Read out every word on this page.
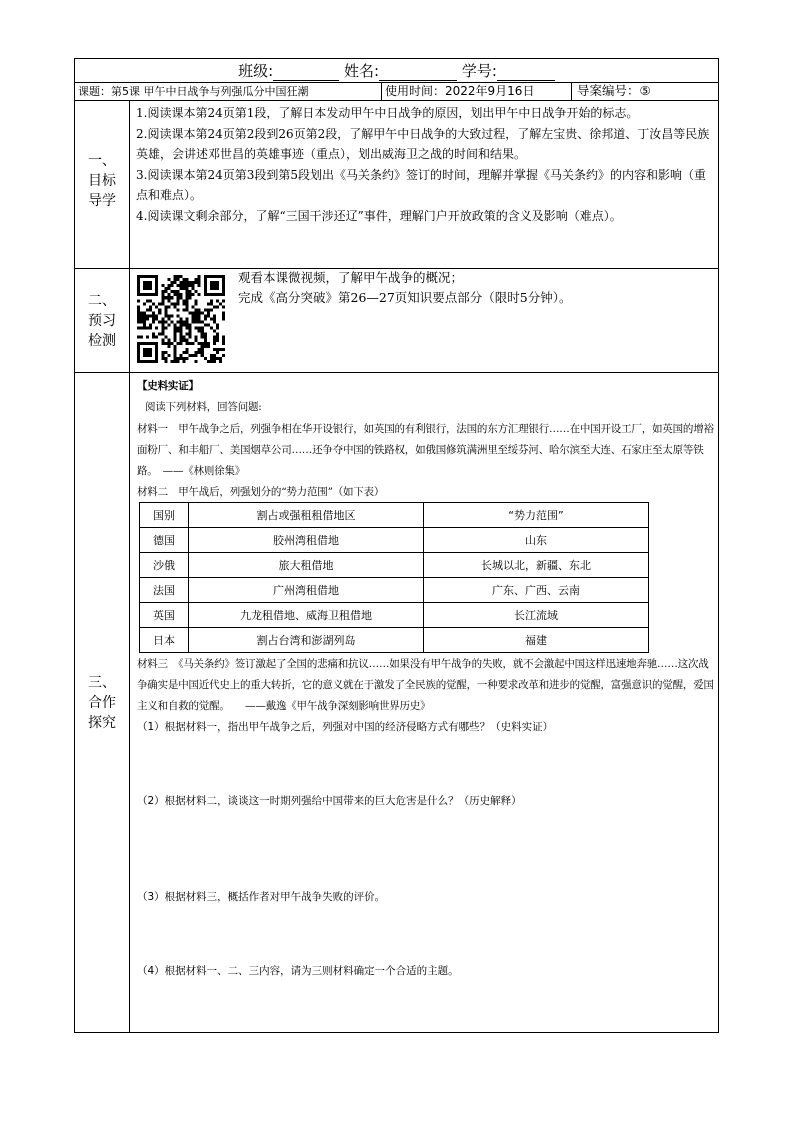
班级:	姓名:	学号:
课题：第5课 甲午中日战争与列强瓜分中国狂潮	使用时间：2022年9月16日	导案编号：⑤
一、
目标
导学
1.阅读课本第24页第1段，了解日本发动甲午中日战争的原因，划出甲午中日战争开始的标志。
2.阅读课本第24页第2段到26页第2段，了解甲午中日战争的大致过程，了解左宝贵、徐邦道、丁汝昌等民族英雄，会讲述邓世昌的英雄事迹（重点），划出威海卫之战的时间和结果。
3.阅读课本第24页第3段到第5段划出《马关条约》签订的时间，理解并掌握《马关条约》的内容和影响（重点和难点）。
4.阅读课文剩余部分，了解“三国干涉还辽”事件，理解门户开放政策的含义及影响（难点）。
二、
预习
检测
观看本课微视频，了解甲午战争的概况；
完成《高分突破》第26—27页知识要点部分（限时5分钟）。
三、
合作
探究
【史料实证】
阅读下列材料，回答问题:
材料一　甲午战争之后，列强争相在华开设银行，如英国的有利银行，法国的东方汇理银行……在中国开设工厂，如英国的增裕面粉厂、和丰船厂、美国烟草公司……还争夺中国的铁路权，如俄国修筑满洲里至绥芬河、哈尔滨至大连、石家庄至太原等铁路。　——《林则徐集》
材料二　甲午战后，列强划分的“势力范围”（如下表）
国别	割占或强租租借地区	“势力范围”
德国	胶州湾租借地	山东
沙俄	旅大租借地	长城以北，新疆、东北
法国	广州湾租借地	广东、广西、云南
英国	九龙租借地、威海卫租借地	长江流域
日本	割占台湾和澎湖列岛	福建
材料三　《马关条约》签订激起了全国的悲痛和抗议……如果没有甲午战争的失败，就不会激起中国这样迅速地奔驰……这次战争确实是中国近代史上的重大转折，它的意义就在于激发了全民族的觉醒，一种要求改革和进步的觉醒，富强意识的觉醒，爱国主义和自救的觉醒。　　——戴逸《甲午战争深刻影响世界历史》
（1）根据材料一，指出甲午战争之后，列强对中国的经济侵略方式有哪些？（史料实证）
（2）根据材料二，谈谈这一时期列强给中国带来的巨大危害是什么？（历史解释）
（3）根据材料三，概括作者对甲午战争失败的评价。
（4）根据材料一、二、三内容，请为三则材料确定一个合适的主题。
